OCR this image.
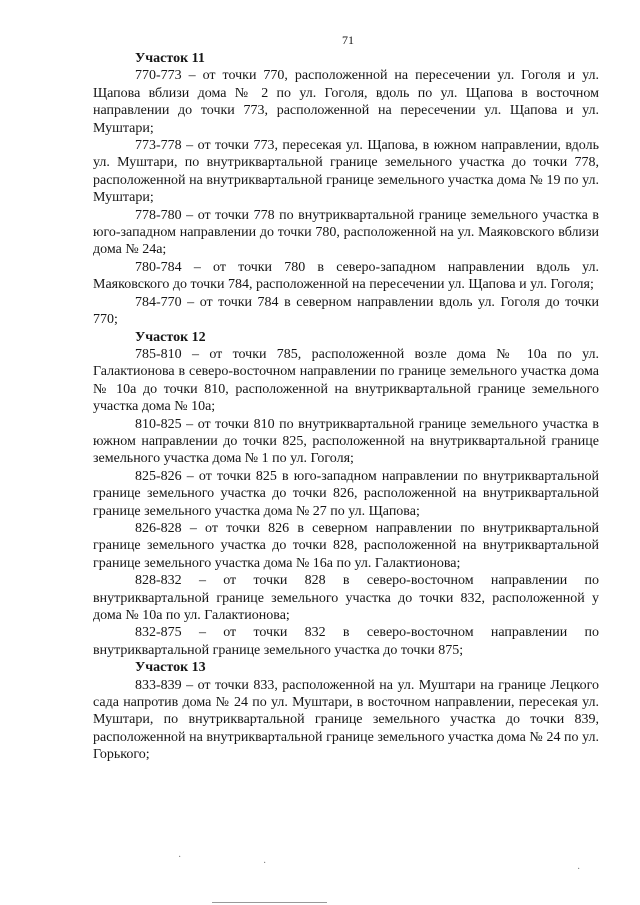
71
Участок 11

770-773 – от точки 770, расположенной на пересечении ул. Гоголя и ул. Щапова вблизи дома № 2 по ул. Гоголя, вдоль по ул. Щапова в восточном направлении до точки 773, расположенной на пересечении ул. Щапова и ул. Муштари;

773-778 – от точки 773, пересекая ул. Щапова, в южном направлении, вдоль ул. Муштари, по внутриквартальной границе земельного участка до точки 778, расположенной на внутриквартальной границе земельного участка дома № 19 по ул. Муштари;

778-780 – от точки 778 по внутриквартальной границе земельного участка в юго-западном направлении до точки 780, расположенной на ул. Маяковского вблизи дома № 24а;

780-784 – от точки 780 в северо-западном направлении вдоль ул. Маяковского до точки 784, расположенной на пересечении ул. Щапова и ул. Гоголя;

784-770 – от точки 784 в северном направлении вдоль ул. Гоголя до точки 770;

Участок 12

785-810 – от точки 785, расположенной возле дома № 10а по ул. Галактионова в северо-восточном направлении по границе земельного участка дома № 10а до точки 810, расположенной на внутриквартальной границе земельного участка дома № 10а;

810-825 – от точки 810 по внутриквартальной границе земельного участка в южном направлении до точки 825, расположенной на внутриквартальной границе земельного участка дома № 1 по ул. Гоголя;

825-826 – от точки 825 в юго-западном направлении по внутриквартальной границе земельного участка до точки 826, расположенной на внутриквартальной границе земельного участка дома № 27 по ул. Щапова;

826-828 – от точки 826 в северном направлении по внутриквартальной границе земельного участка до точки 828, расположенной на внутриквартальной границе земельного участка дома № 16а по ул. Галактионова;

828-832 – от точки 828 в северо-восточном направлении по внутриквартальной границе земельного участка до точки 832, расположенной у дома № 10а по ул. Галактионова;

832-875 – от точки 832 в северо-восточном направлении по внутриквартальной границе земельного участка до точки 875;

Участок 13

833-839 – от точки 833, расположенной на ул. Муштари на границе Лецкого сада напротив дома № 24 по ул. Муштари, в восточном направлении, пересекая ул. Муштари, по внутриквартальной границе земельного участка до точки 839, расположенной на внутриквартальной границе земельного участка дома № 24 по ул. Горького;

·
·
·
